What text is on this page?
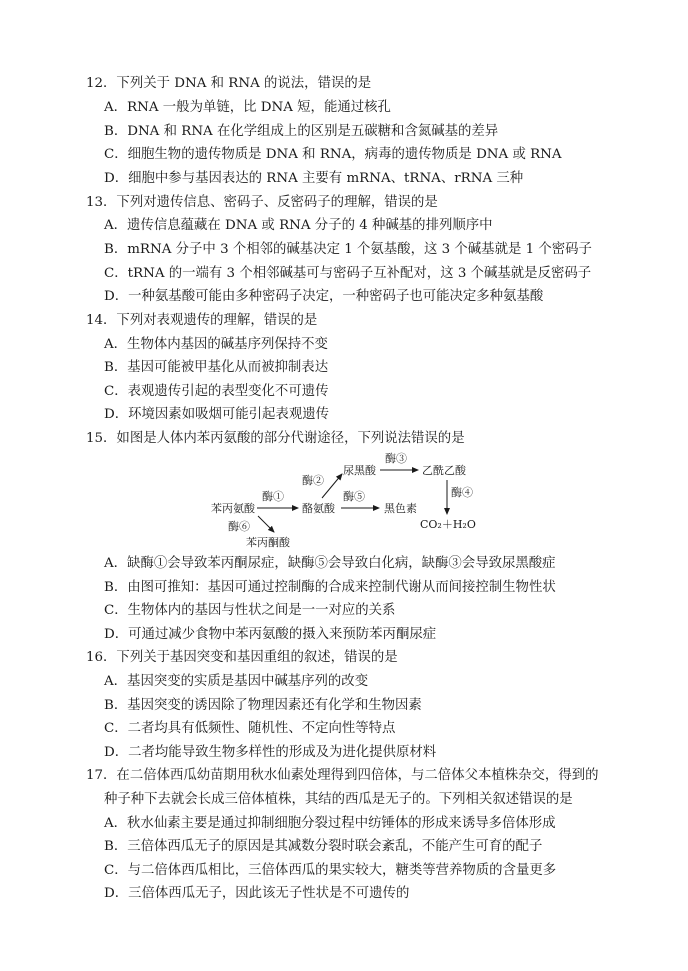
12．下列关于 DNA 和 RNA 的说法，错误的是
A．RNA 一般为单链，比 DNA 短，能通过核孔
B．DNA 和 RNA 在化学组成上的区别是五碳糖和含氮碱基的差异
C．细胞生物的遗传物质是 DNA 和 RNA，病毒的遗传物质是 DNA 或 RNA
D．细胞中参与基因表达的 RNA 主要有 mRNA、tRNA、rRNA 三种
13．下列对遗传信息、密码子、反密码子的理解，错误的是
A．遗传信息蕴藏在 DNA 或 RNA 分子的 4 种碱基的排列顺序中
B．mRNA 分子中 3 个相邻的碱基决定 1 个氨基酸，这 3 个碱基就是 1 个密码子
C．tRNA 的一端有 3 个相邻碱基可与密码子互补配对，这 3 个碱基就是反密码子
D．一种氨基酸可能由多种密码子决定，一种密码子也可能决定多种氨基酸
14．下列对表观遗传的理解，错误的是
A．生物体内基因的碱基序列保持不变
B．基因可能被甲基化从而被抑制表达
C．表观遗传引起的表型变化不可遗传
D．环境因素如吸烟可能引起表观遗传
15．如图是人体内苯丙氨酸的部分代谢途径，下列说法错误的是
苯丙氨酸	酪氨酸
尿黑酸	乙酰乙酸
黑色素
CO₂＋H₂O
苯丙酮酸
酶①
酶②
酶③
酶④
酶⑤
酶⑥
A．缺酶①会导致苯丙酮尿症，缺酶⑤会导致白化病，缺酶③会导致尿黑酸症
B．由图可推知：基因可通过控制酶的合成来控制代谢从而间接控制生物性状
C．生物体内的基因与性状之间是一一对应的关系
D．可通过减少食物中苯丙氨酸的摄入来预防苯丙酮尿症
16．下列关于基因突变和基因重组的叙述，错误的是
A．基因突变的实质是基因中碱基序列的改变
B．基因突变的诱因除了物理因素还有化学和生物因素
C．二者均具有低频性、随机性、不定向性等特点
D．二者均能导致生物多样性的形成及为进化提供原材料
17．在二倍体西瓜幼苗期用秋水仙素处理得到四倍体，与二倍体父本植株杂交，得到的
种子种下去就会长成三倍体植株，其结的西瓜是无子的。下列相关叙述错误的是
A．秋水仙素主要是通过抑制细胞分裂过程中纺锤体的形成来诱导多倍体形成
B．三倍体西瓜无子的原因是其减数分裂时联会紊乱，不能产生可育的配子
C．与二倍体西瓜相比，三倍体西瓜的果实较大，糖类等营养物质的含量更多
D．三倍体西瓜无子，因此该无子性状是不可遗传的
